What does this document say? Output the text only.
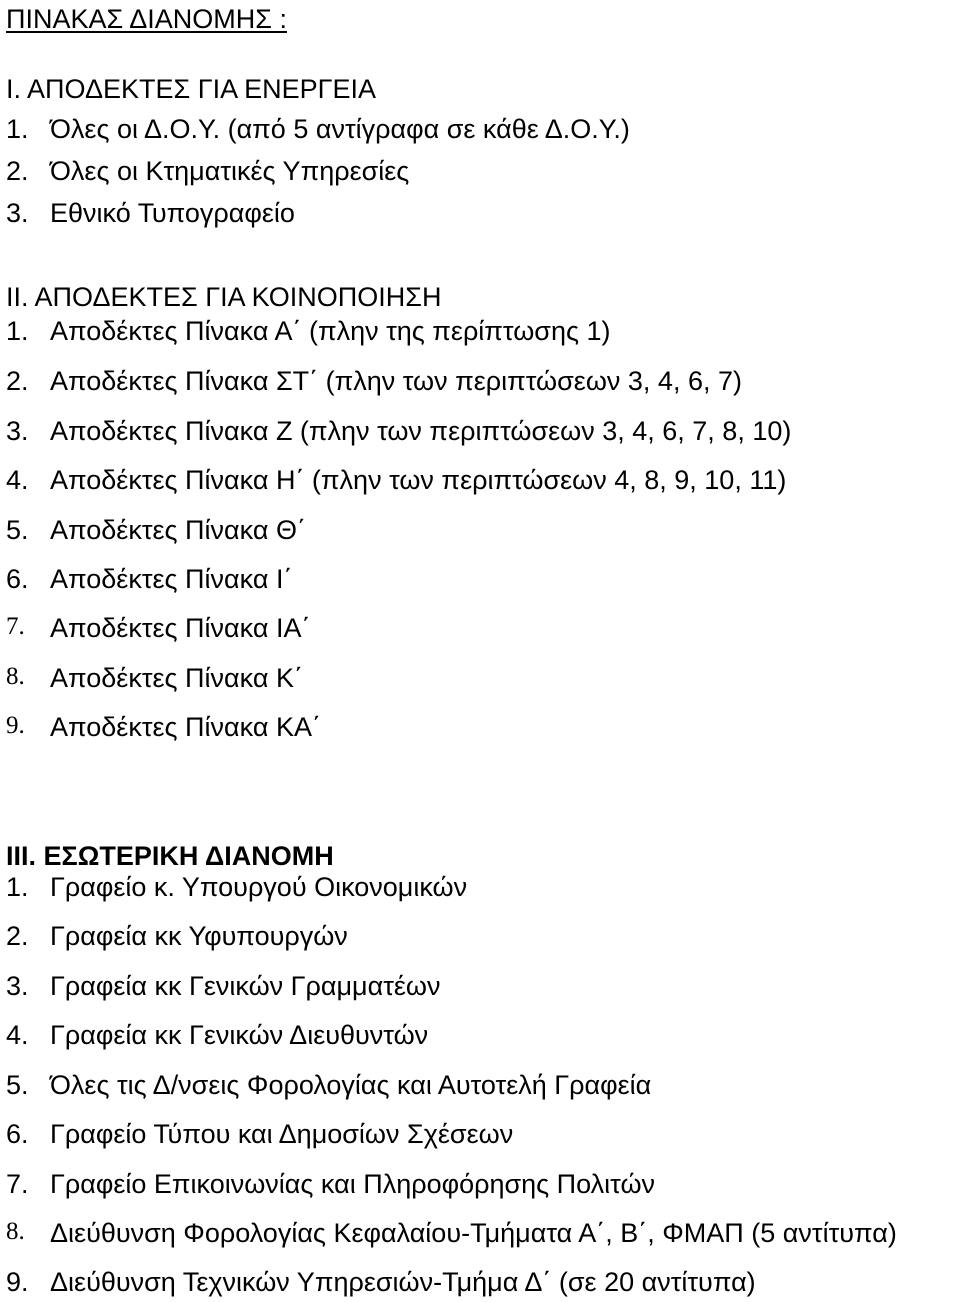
ΠΙΝΑΚΑΣ ΔΙΑΝΟΜΗΣ :
Ι. ΑΠΟΔΕΚΤΕΣ ΓΙΑ ΕΝΕΡΓΕΙΑ
1. Όλες οι Δ.Ο.Υ. (από 5 αντίγραφα σε κάθε Δ.Ο.Υ.)
2. Όλες οι Κτηματικές Υπηρεσίες
3. Εθνικό Τυπογραφείο
ΙΙ. ΑΠΟΔΕΚΤΕΣ ΓΙΑ ΚΟΙΝΟΠΟΙΗΣΗ
1. Αποδέκτες Πίνακα Α΄ (πλην της περίπτωσης 1)
2. Αποδέκτες Πίνακα ΣΤ΄ (πλην των περιπτώσεων 3, 4, 6, 7)
3. Αποδέκτες Πίνακα Ζ (πλην των περιπτώσεων 3, 4, 6, 7, 8, 10)
4. Αποδέκτες Πίνακα Η΄ (πλην των περιπτώσεων 4, 8, 9, 10, 11)
5. Αποδέκτες Πίνακα Θ΄
6. Αποδέκτες Πίνακα Ι΄
7. Αποδέκτες Πίνακα ΙΑ΄
8. Αποδέκτες Πίνακα Κ΄
9. Αποδέκτες Πίνακα ΚΑ΄
ΙΙΙ. ΕΣΩΤΕΡΙΚΗ ΔΙΑΝΟΜΗ
1. Γραφείο κ. Υπουργού Οικονομικών
2. Γραφεία κκ Υφυπουργών
3. Γραφεία κκ Γενικών Γραμματέων
4. Γραφεία κκ Γενικών Διευθυντών
5. Όλες τις Δ/νσεις Φορολογίας και Αυτοτελή Γραφεία
6. Γραφείο Τύπου και Δημοσίων Σχέσεων
7. Γραφείο Επικοινωνίας και Πληροφόρησης Πολιτών
8. Διεύθυνση Φορολογίας Κεφαλαίου-Τμήματα Α΄, Β΄, ΦΜΑΠ (5 αντίτυπα)
9. Διεύθυνση Τεχνικών Υπηρεσιών-Τμήμα Δ΄ (σε 20 αντίτυπα)
